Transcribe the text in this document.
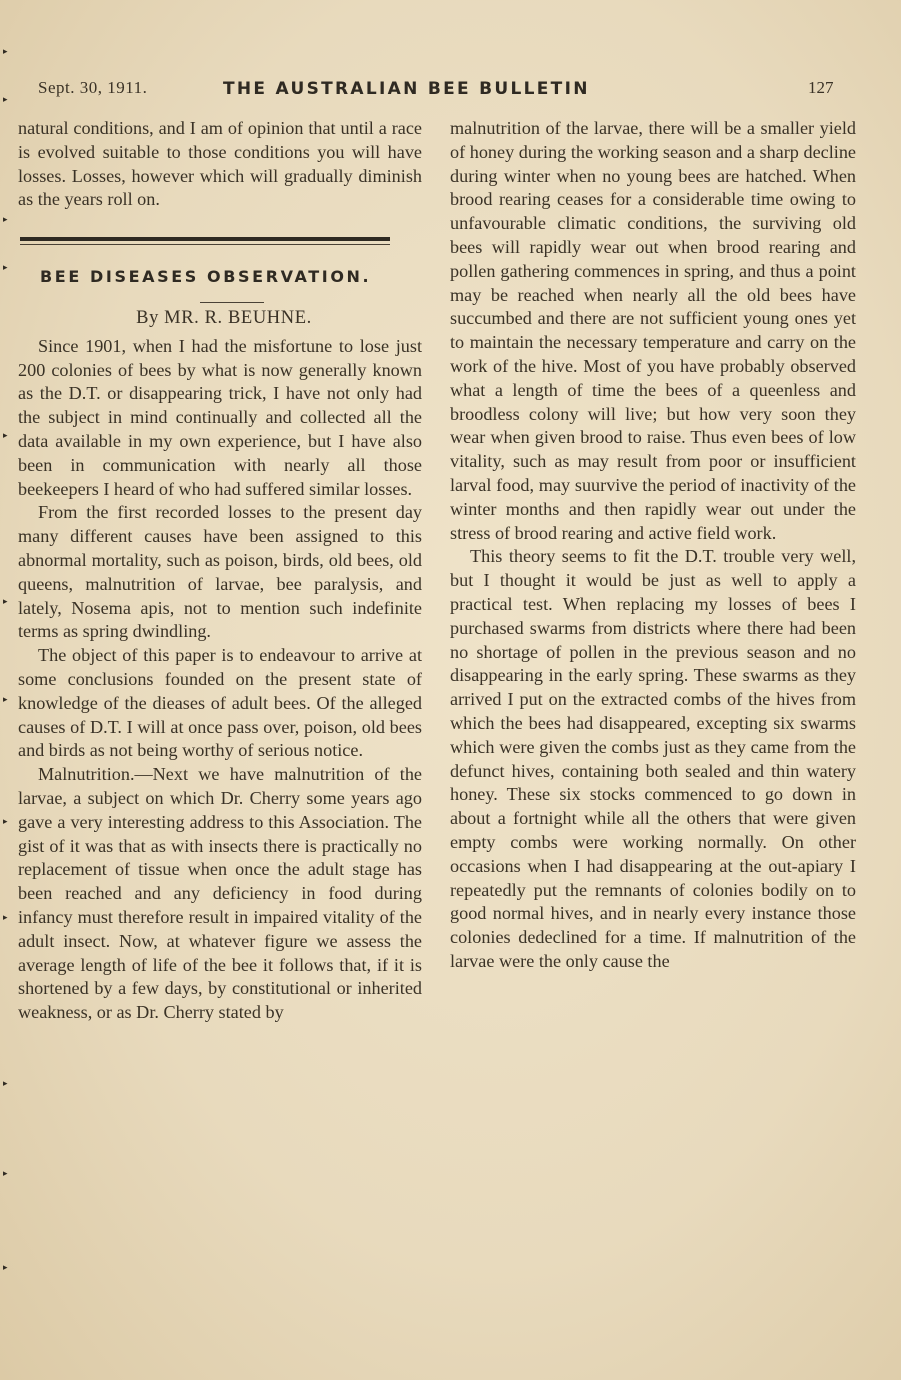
▸
▸
▸
▸
▸
▸
▸
▸
▸
▸
▸
▸
Sept. 30, 1911.	THE AUSTRALIAN BEE BULLETIN	127

natural conditions, and I am of opinion that until a race is evolved suitable to those conditions you will have losses. Losses, however which will gradually diminish as the years roll on.

BEE DISEASES OBSERVATION.
By MR. R. BEUHNE.

Since 1901, when I had the misfortune to lose just 200 colonies of bees by what is now generally known as the D.T. or disappearing trick, I have not only had the subject in mind continually and collected all the data available in my own experience, but I have also been in communication with nearly all those beekeepers I heard of who had suffered similar losses.

From the first recorded losses to the present day many different causes have been assigned to this abnormal mortality, such as poison, birds, old bees, old queens, malnutrition of larvae, bee paralysis, and lately, Nosema apis, not to mention such indefinite terms as spring dwindling.

The object of this paper is to endeavour to arrive at some conclusions founded on the present state of knowledge of the dieases of adult bees. Of the alleged causes of D.T. I will at once pass over, poison, old bees and birds as not being worthy of serious notice.

Malnutrition.—Next we have malnutrition of the larvae, a subject on which Dr. Cherry some years ago gave a very interesting address to this Association. The gist of it was that as with insects there is practically no replacement of tissue when once the adult stage has been reached and any deficiency in food during infancy must therefore result in impaired vitality of the adult insect. Now, at whatever figure we assess the average length of life of the bee it follows that, if it is shortened by a few days, by constitutional or inherited weakness, or as Dr. Cherry stated by

malnutrition of the larvae, there will be a smaller yield of honey during the working season and a sharp decline during winter when no young bees are hatched. When brood rearing ceases for a considerable time owing to unfavourable climatic conditions, the surviving old bees will rapidly wear out when brood rearing and pollen gathering commences in spring, and thus a point may be reached when nearly all the old bees have succumbed and there are not sufficient young ones yet to maintain the necessary temperature and carry on the work of the hive. Most of you have probably observed what a length of time the bees of a queenless and broodless colony will live; but how very soon they wear when given brood to raise. Thus even bees of low vitality, such as may result from poor or insufficient larval food, may suurvive the period of inactivity of the winter months and then rapidly wear out under the stress of brood rearing and active field work.

This theory seems to fit the D.T. trouble very well, but I thought it would be just as well to apply a practical test. When replacing my losses of bees I purchased swarms from districts where there had been no shortage of pollen in the previous season and no disappearing in the early spring. These swarms as they arrived I put on the extracted combs of the hives from which the bees had disappeared, excepting six swarms which were given the combs just as they came from the defunct hives, containing both sealed and thin watery honey. These six stocks commenced to go down in about a fortnight while all the others that were given empty combs were working normally. On other occasions when I had disappearing at the out-apiary I repeatedly put the remnants of colonies bodily on to good normal hives, and in nearly every instance those colonies dedeclined for a time. If malnutrition of the larvae were the only cause the
